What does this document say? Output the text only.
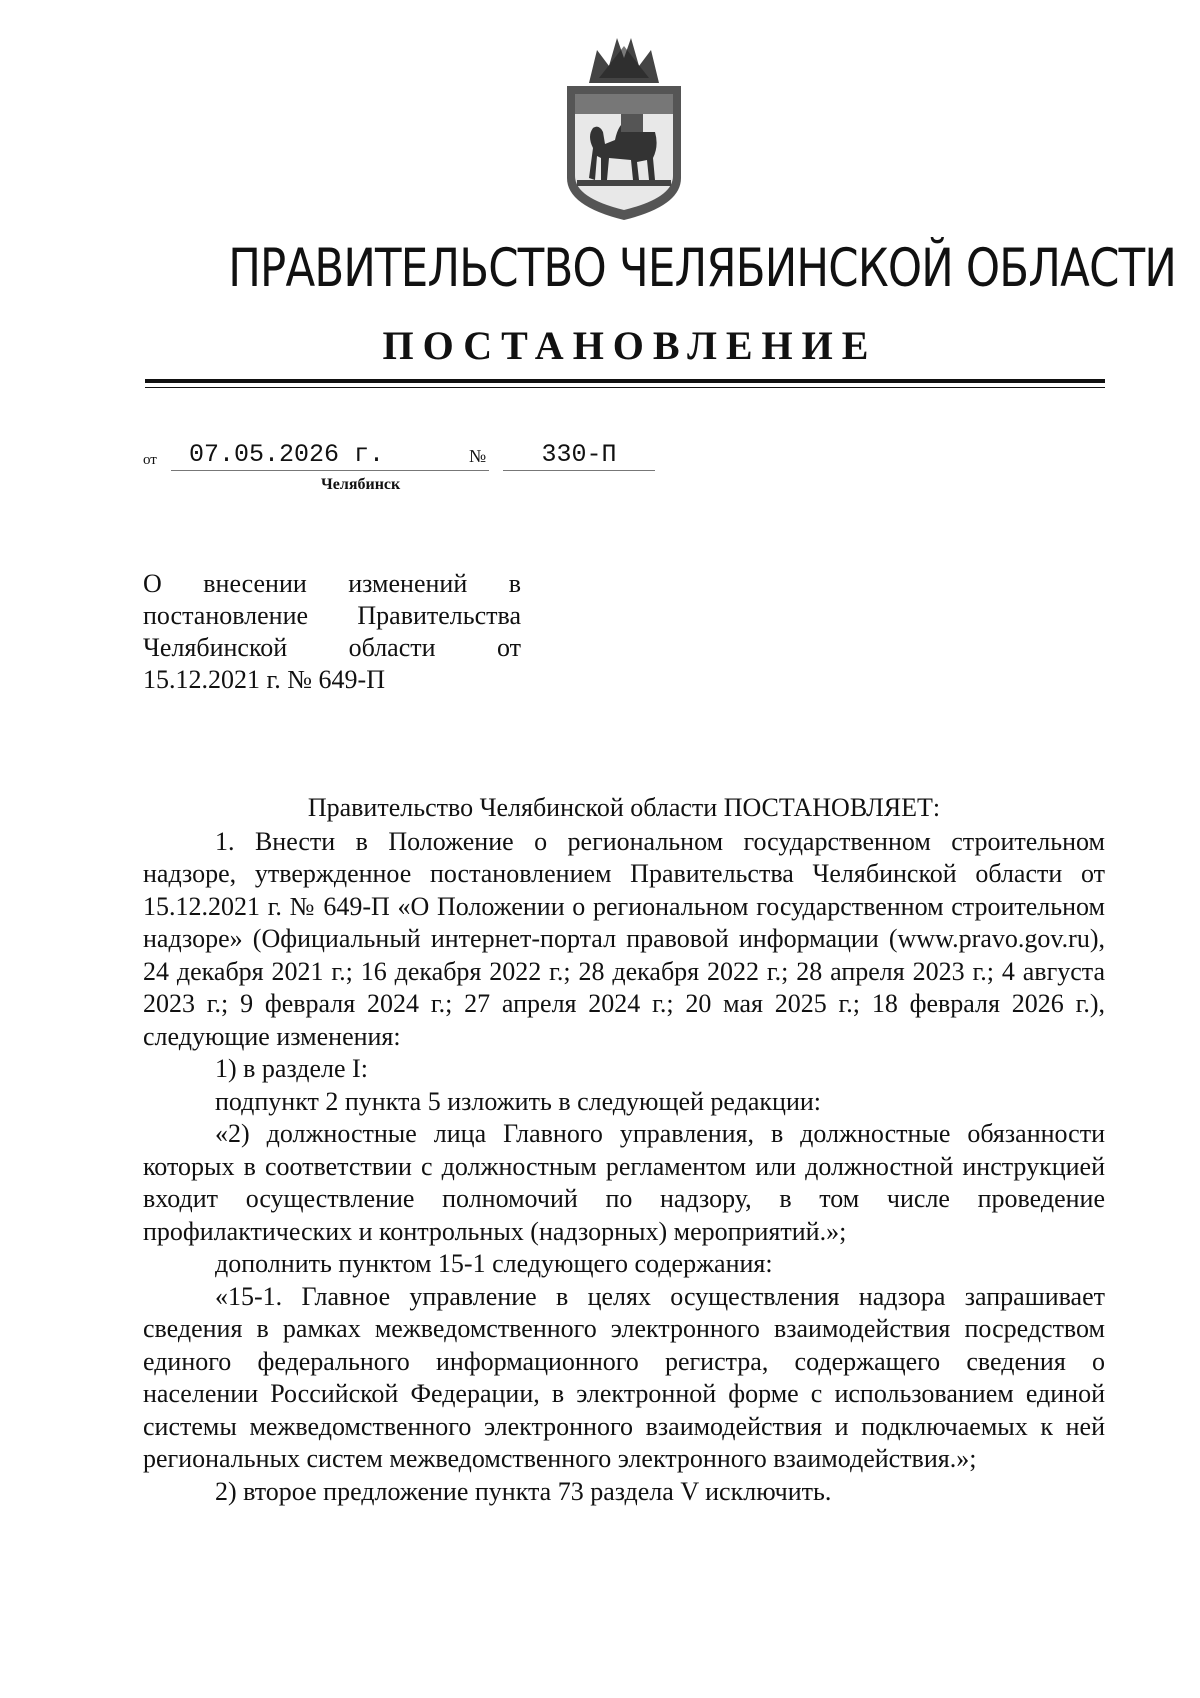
ПРАВИТЕЛЬСТВО ЧЕЛЯБИНСКОЙ ОБЛАСТИ
ПОСТАНОВЛЕНИЕ
от	07.05.2026 г.	№	330-П
Челябинск
О внесении изменений в постановление Правительства Челябинской области от 15.12.2021 г. № 649-П

Правительство Челябинской области ПОСТАНОВЛЯЕТ:

1. Внести в Положение о региональном государственном строительном надзоре, утвержденное постановлением Правительства Челябинской области от 15.12.2021 г. № 649-П «О Положении о региональном государственном строительном надзоре» (Официальный интернет-портал правовой информации (www.pravo.gov.ru), 24 декабря 2021 г.; 16 декабря 2022 г.; 28 декабря 2022 г.; 28 апреля 2023 г.; 4 августа 2023 г.; 9 февраля 2024 г.; 27 апреля 2024 г.; 20 мая 2025 г.; 18 февраля 2026 г.), следующие изменения:

1) в разделе I:

подпункт 2 пункта 5 изложить в следующей редакции:

«2) должностные лица Главного управления, в должностные обязанности которых в соответствии с должностным регламентом или должностной инструкцией входит осуществление полномочий по надзору, в том числе проведение профилактических и контрольных (надзорных) мероприятий.»;

дополнить пунктом 15-1 следующего содержания:

«15-1. Главное управление в целях осуществления надзора запрашивает сведения в рамках межведомственного электронного взаимодействия посредством единого федерального информационного регистра, содержащего сведения о населении Российской Федерации, в электронной форме с использованием единой системы межведомственного электронного взаимодействия и подключаемых к ней региональных систем межведомственного электронного взаимодействия.»;

2) второе предложение пункта 73 раздела V исключить.
